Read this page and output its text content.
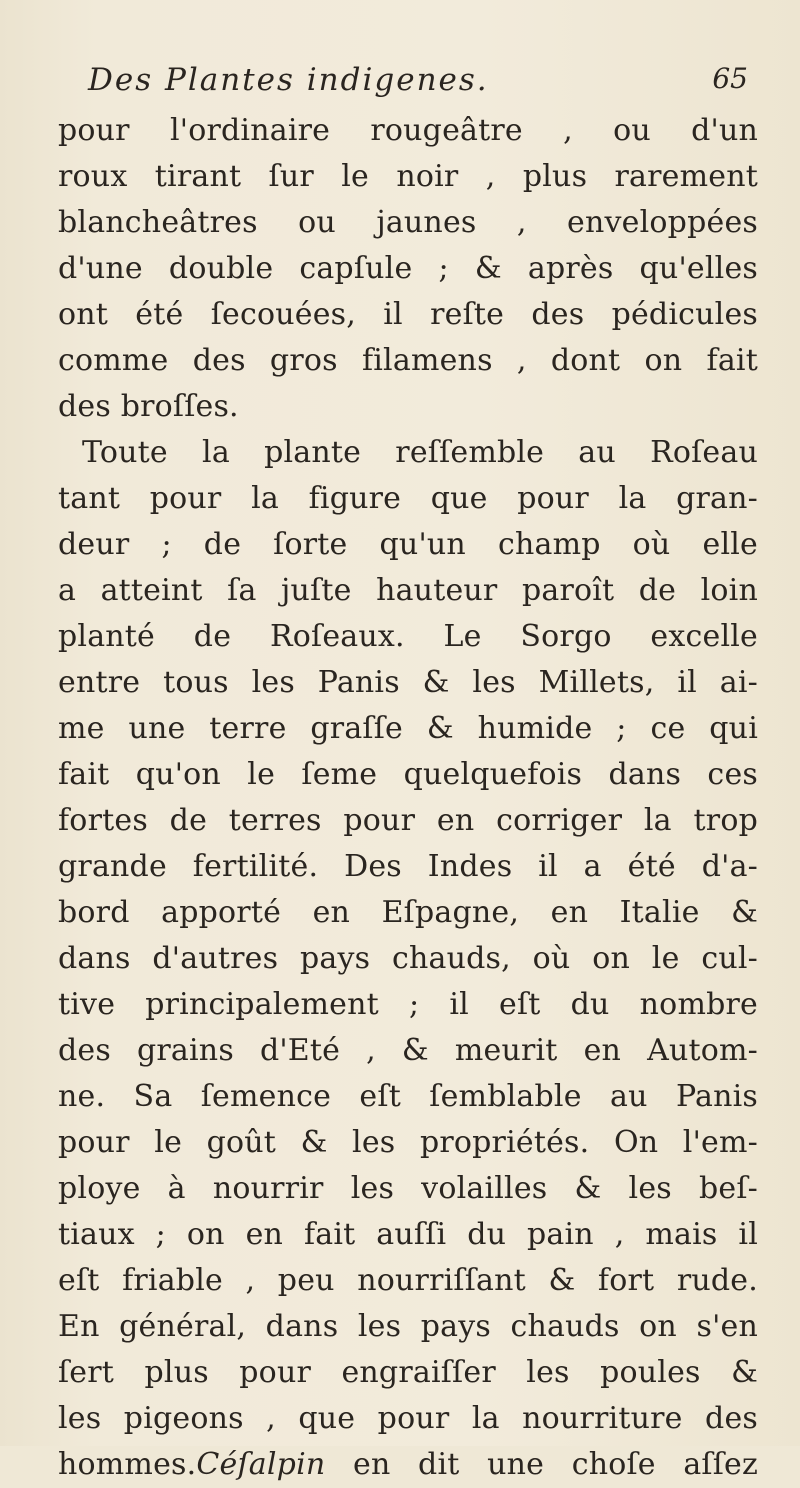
Des Plantes indigenes.	65
pour l'ordinaire rougeâtre , ou d'un
roux tirant ſur le noir , plus rarement
blancheâtres ou jaunes , enveloppées
d'une double capſule ; & après qu'elles
ont été ſecouées, il reſte des pédicules
comme des gros filamens , dont on fait
des broſſes.
Toute la plante reſſemble au Roſeau
tant pour la figure que pour la gran-
deur ; de ſorte qu'un champ où elle
a atteint ſa juſte hauteur paroît de loin
planté de Roſeaux. Le Sorgo excelle
entre tous les Panis & les Millets, il ai-
me une terre graſſe & humide ; ce qui
fait qu'on le ſeme quelquefois dans ces
fortes de terres pour en corriger la trop
grande fertilité. Des Indes il a été d'a-
bord apporté en Eſpagne, en Italie &
dans d'autres pays chauds, où on le cul-
tive principalement ; il eſt du nombre
des grains d'Eté , & meurit en Autom-
ne. Sa ſemence eſt ſemblable au Panis
pour le goût & les propriétés. On l'em-
ploye à nourrir les volailles & les beſ-
tiaux ; on en fait auſſi du pain , mais il
eſt friable , peu nourriſſant & fort rude.
En général, dans les pays chauds on s'en
ſert plus pour engraiſſer les poules &
les pigeons , que pour la nourriture des
hommes.Céſalpin en dit une choſe aſſez
